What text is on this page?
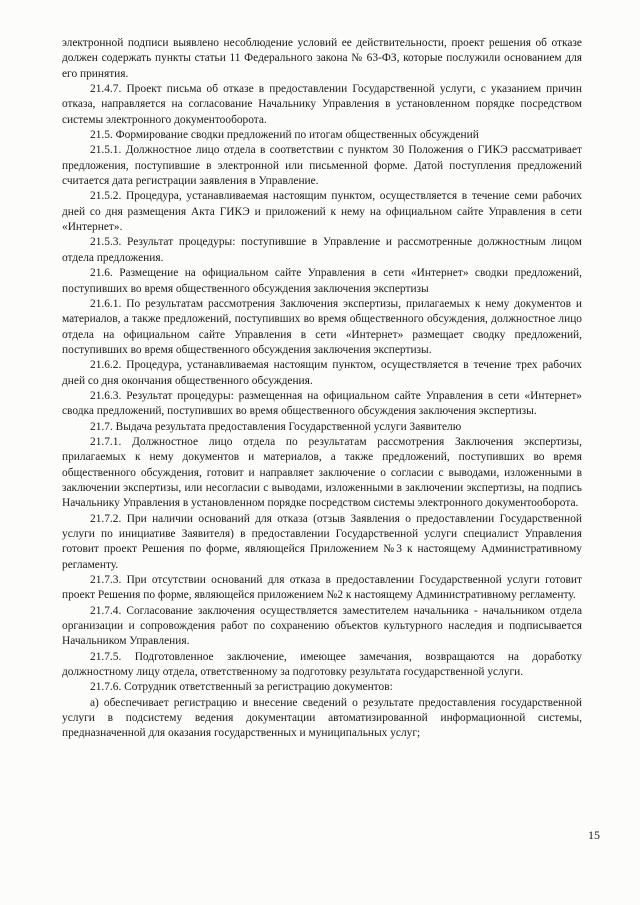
электронной подписи выявлено несоблюдение условий ее действительности, проект решения об отказе должен содержать пункты статьи 11 Федерального закона № 63-ФЗ, которые послужили основанием для его принятия.

21.4.7. Проект письма об отказе в предоставлении Государственной услуги, с указанием причин отказа, направляется на согласование Начальнику Управления в установленном порядке посредством системы электронного документооборота.

21.5. Формирование сводки предложений по итогам общественных обсуждений

21.5.1. Должностное лицо отдела в соответствии с пунктом 30 Положения о ГИКЭ рассматривает предложения, поступившие в электронной или письменной форме. Датой поступления предложений считается дата регистрации заявления в Управление.

21.5.2. Процедура, устанавливаемая настоящим пунктом, осуществляется в течение семи рабочих дней со дня размещения Акта ГИКЭ и приложений к нему на официальном сайте Управления в сети «Интернет».

21.5.3. Результат процедуры: поступившие в Управление и рассмотренные должностным лицом отдела предложения.

21.6. Размещение на официальном сайте Управления в сети «Интернет» сводки предложений, поступивших во время общественного обсуждения заключения экспертизы

21.6.1. По результатам рассмотрения Заключения экспертизы, прилагаемых к нему документов и материалов, а также предложений, поступивших во время общественного обсуждения, должностное лицо отдела на официальном сайте Управления в сети «Интернет» размещает сводку предложений, поступивших во время общественного обсуждения заключения экспертизы.

21.6.2. Процедура, устанавливаемая настоящим пунктом, осуществляется в течение трех рабочих дней со дня окончания общественного обсуждения.

21.6.3. Результат процедуры: размещенная на официальном сайте Управления в сети «Интернет» сводка предложений, поступивших во время общественного обсуждения заключения экспертизы.

21.7. Выдача результата предоставления Государственной услуги Заявителю

21.7.1. Должностное лицо отдела по результатам рассмотрения Заключения экспертизы, прилагаемых к нему документов и материалов, а также предложений, поступивших во время общественного обсуждения, готовит и направляет заключение о согласии с выводами, изложенными в заключении экспертизы, или несогласии с выводами, изложенными в заключении экспертизы, на подпись Начальнику Управления в установленном порядке посредством системы электронного документооборота.

21.7.2. При наличии оснований для отказа (отзыв Заявления о предоставлении Государственной услуги по инициативе Заявителя) в предоставлении Государственной услуги специалист Управления готовит проект Решения по форме, являющейся Приложением №3 к настоящему Административному регламенту.

21.7.3. При отсутствии оснований для отказа в предоставлении Государственной услуги готовит проект Решения по форме, являющейся приложением №2 к настоящему Административному регламенту.

21.7.4. Согласование заключения осуществляется заместителем начальника - начальником отдела организации и сопровождения работ по сохранению объектов культурного наследия и подписывается Начальником Управления.

21.7.5. Подготовленное заключение, имеющее замечания, возвращаются на доработку должностному лицу отдела, ответственному за подготовку результата государственной услуги.

21.7.6. Сотрудник ответственный за регистрацию документов:

а) обеспечивает регистрацию и внесение сведений о результате предоставления государственной услуги в подсистему ведения документации автоматизированной информационной системы, предназначенной для оказания государственных и муниципальных услуг;

15
